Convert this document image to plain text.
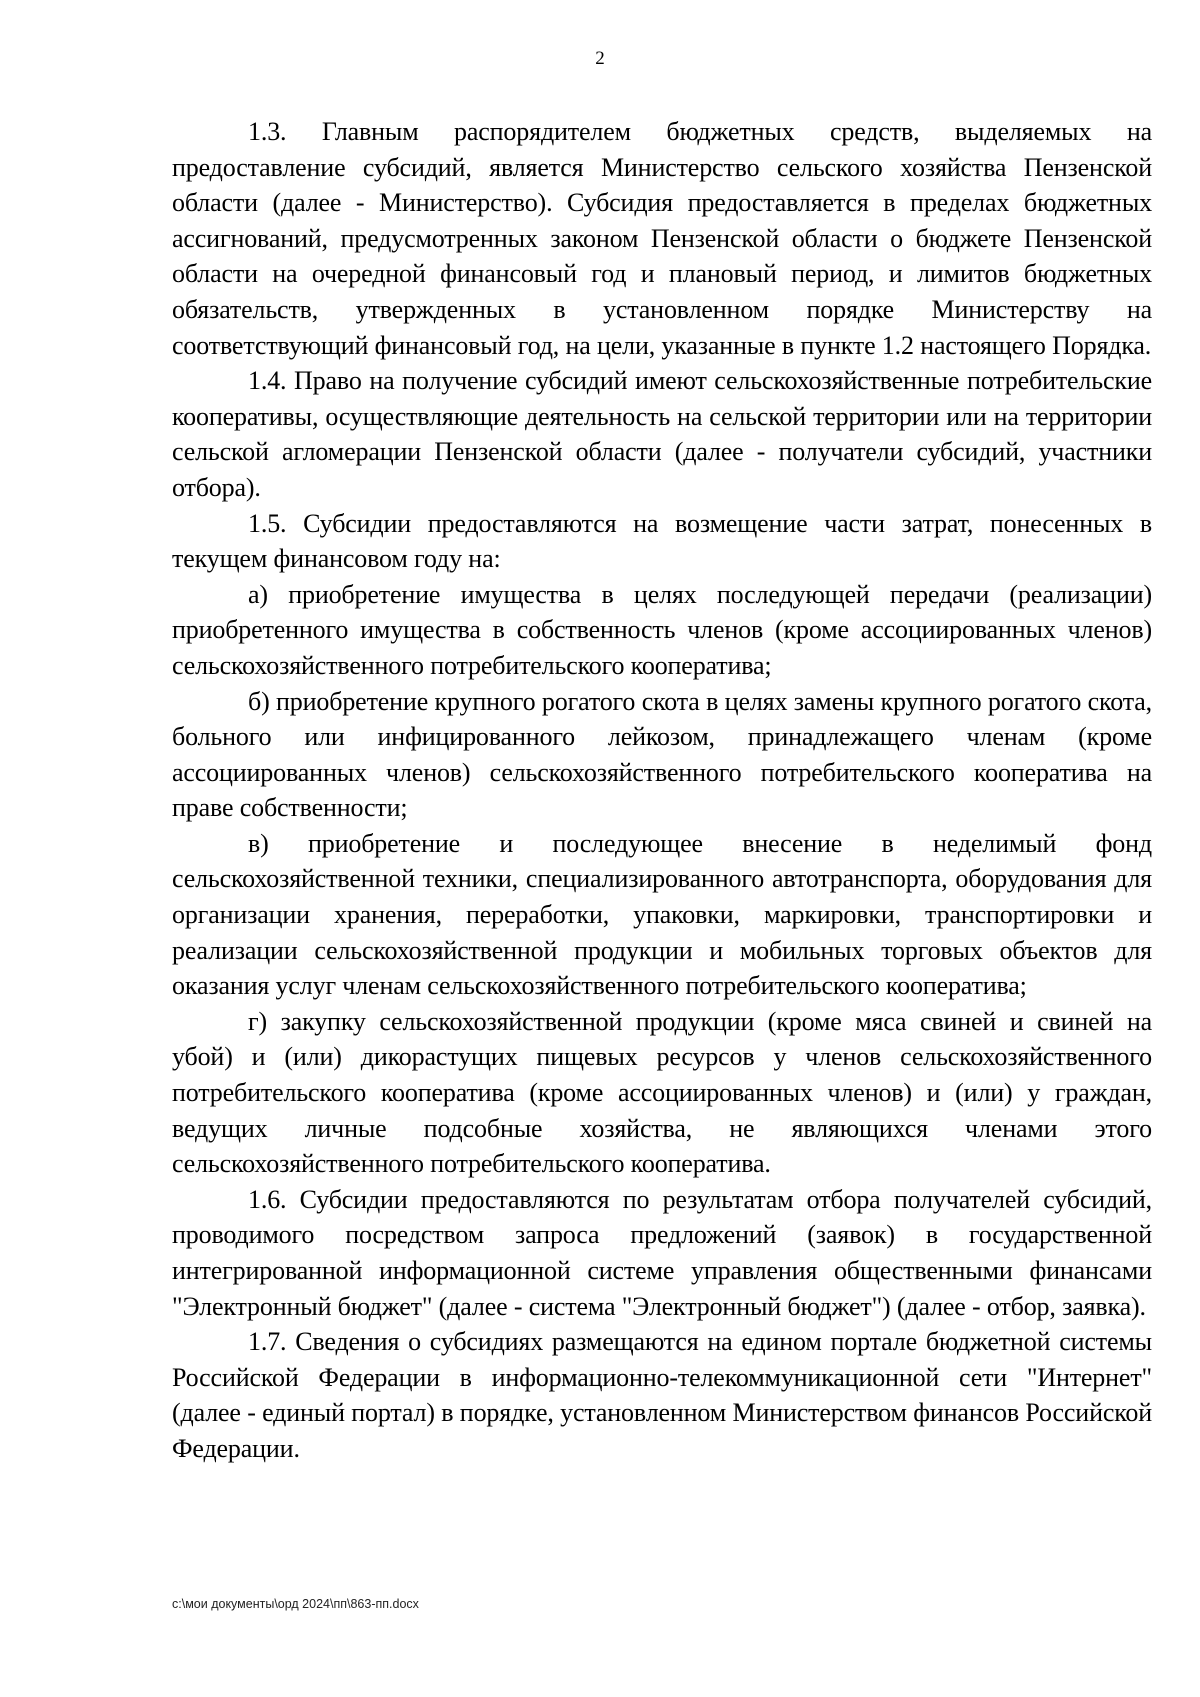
2

1.3. Главным распорядителем бюджетных средств, выделяемых на предоставление субсидий, является Министерство сельского хозяйства Пензенской области (далее - Министерство). Субсидия предоставляется в пределах бюджетных ассигнований, предусмотренных законом Пензенской области о бюджете Пензенской области на очередной финансовый год и плановый период, и лимитов бюджетных обязательств, утвержденных в установленном порядке Министерству на соответствующий финансовый год, на цели, указанные в пункте 1.2 настоящего Порядка.

1.4. Право на получение субсидий имеют сельскохозяйственные потребительские кооперативы, осуществляющие деятельность на сельской территории или на территории сельской агломерации Пензенской области (далее - получатели субсидий, участники отбора).

1.5. Субсидии предоставляются на возмещение части затрат, понесенных в текущем финансовом году на:

а) приобретение имущества в целях последующей передачи (реализации) приобретенного имущества в собственность членов (кроме ассоциированных членов) сельскохозяйственного потребительского кооператива;

б) приобретение крупного рогатого скота в целях замены крупного рогатого скота, больного или инфицированного лейкозом, принадлежащего членам (кроме ассоциированных членов) сельскохозяйственного потребительского кооператива на праве собственности;

в) приобретение и последующее внесение в неделимый фонд сельскохозяйственной техники, специализированного автотранспорта, оборудования для организации хранения, переработки, упаковки, маркировки, транспортировки и реализации сельскохозяйственной продукции и мобильных торговых объектов для оказания услуг членам сельскохозяйственного потребительского кооператива;

г) закупку сельскохозяйственной продукции (кроме мяса свиней и свиней на убой) и (или) дикорастущих пищевых ресурсов у членов сельскохозяйственного потребительского кооператива (кроме ассоциированных членов) и (или) у граждан, ведущих личные подсобные хозяйства, не являющихся членами этого сельскохозяйственного потребительского кооператива.

1.6. Субсидии предоставляются по результатам отбора получателей субсидий, проводимого посредством запроса предложений (заявок) в государственной интегрированной информационной системе управления общественными финансами "Электронный бюджет" (далее - система "Электронный бюджет") (далее - отбор, заявка).

1.7. Сведения о субсидиях размещаются на едином портале бюджетной системы Российской Федерации в информационно-телекоммуникационной сети "Интернет" (далее - единый портал) в порядке, установленном Министерством финансов Российской Федерации.

c:\мои документы\орд 2024\пп\863-пп.docx
